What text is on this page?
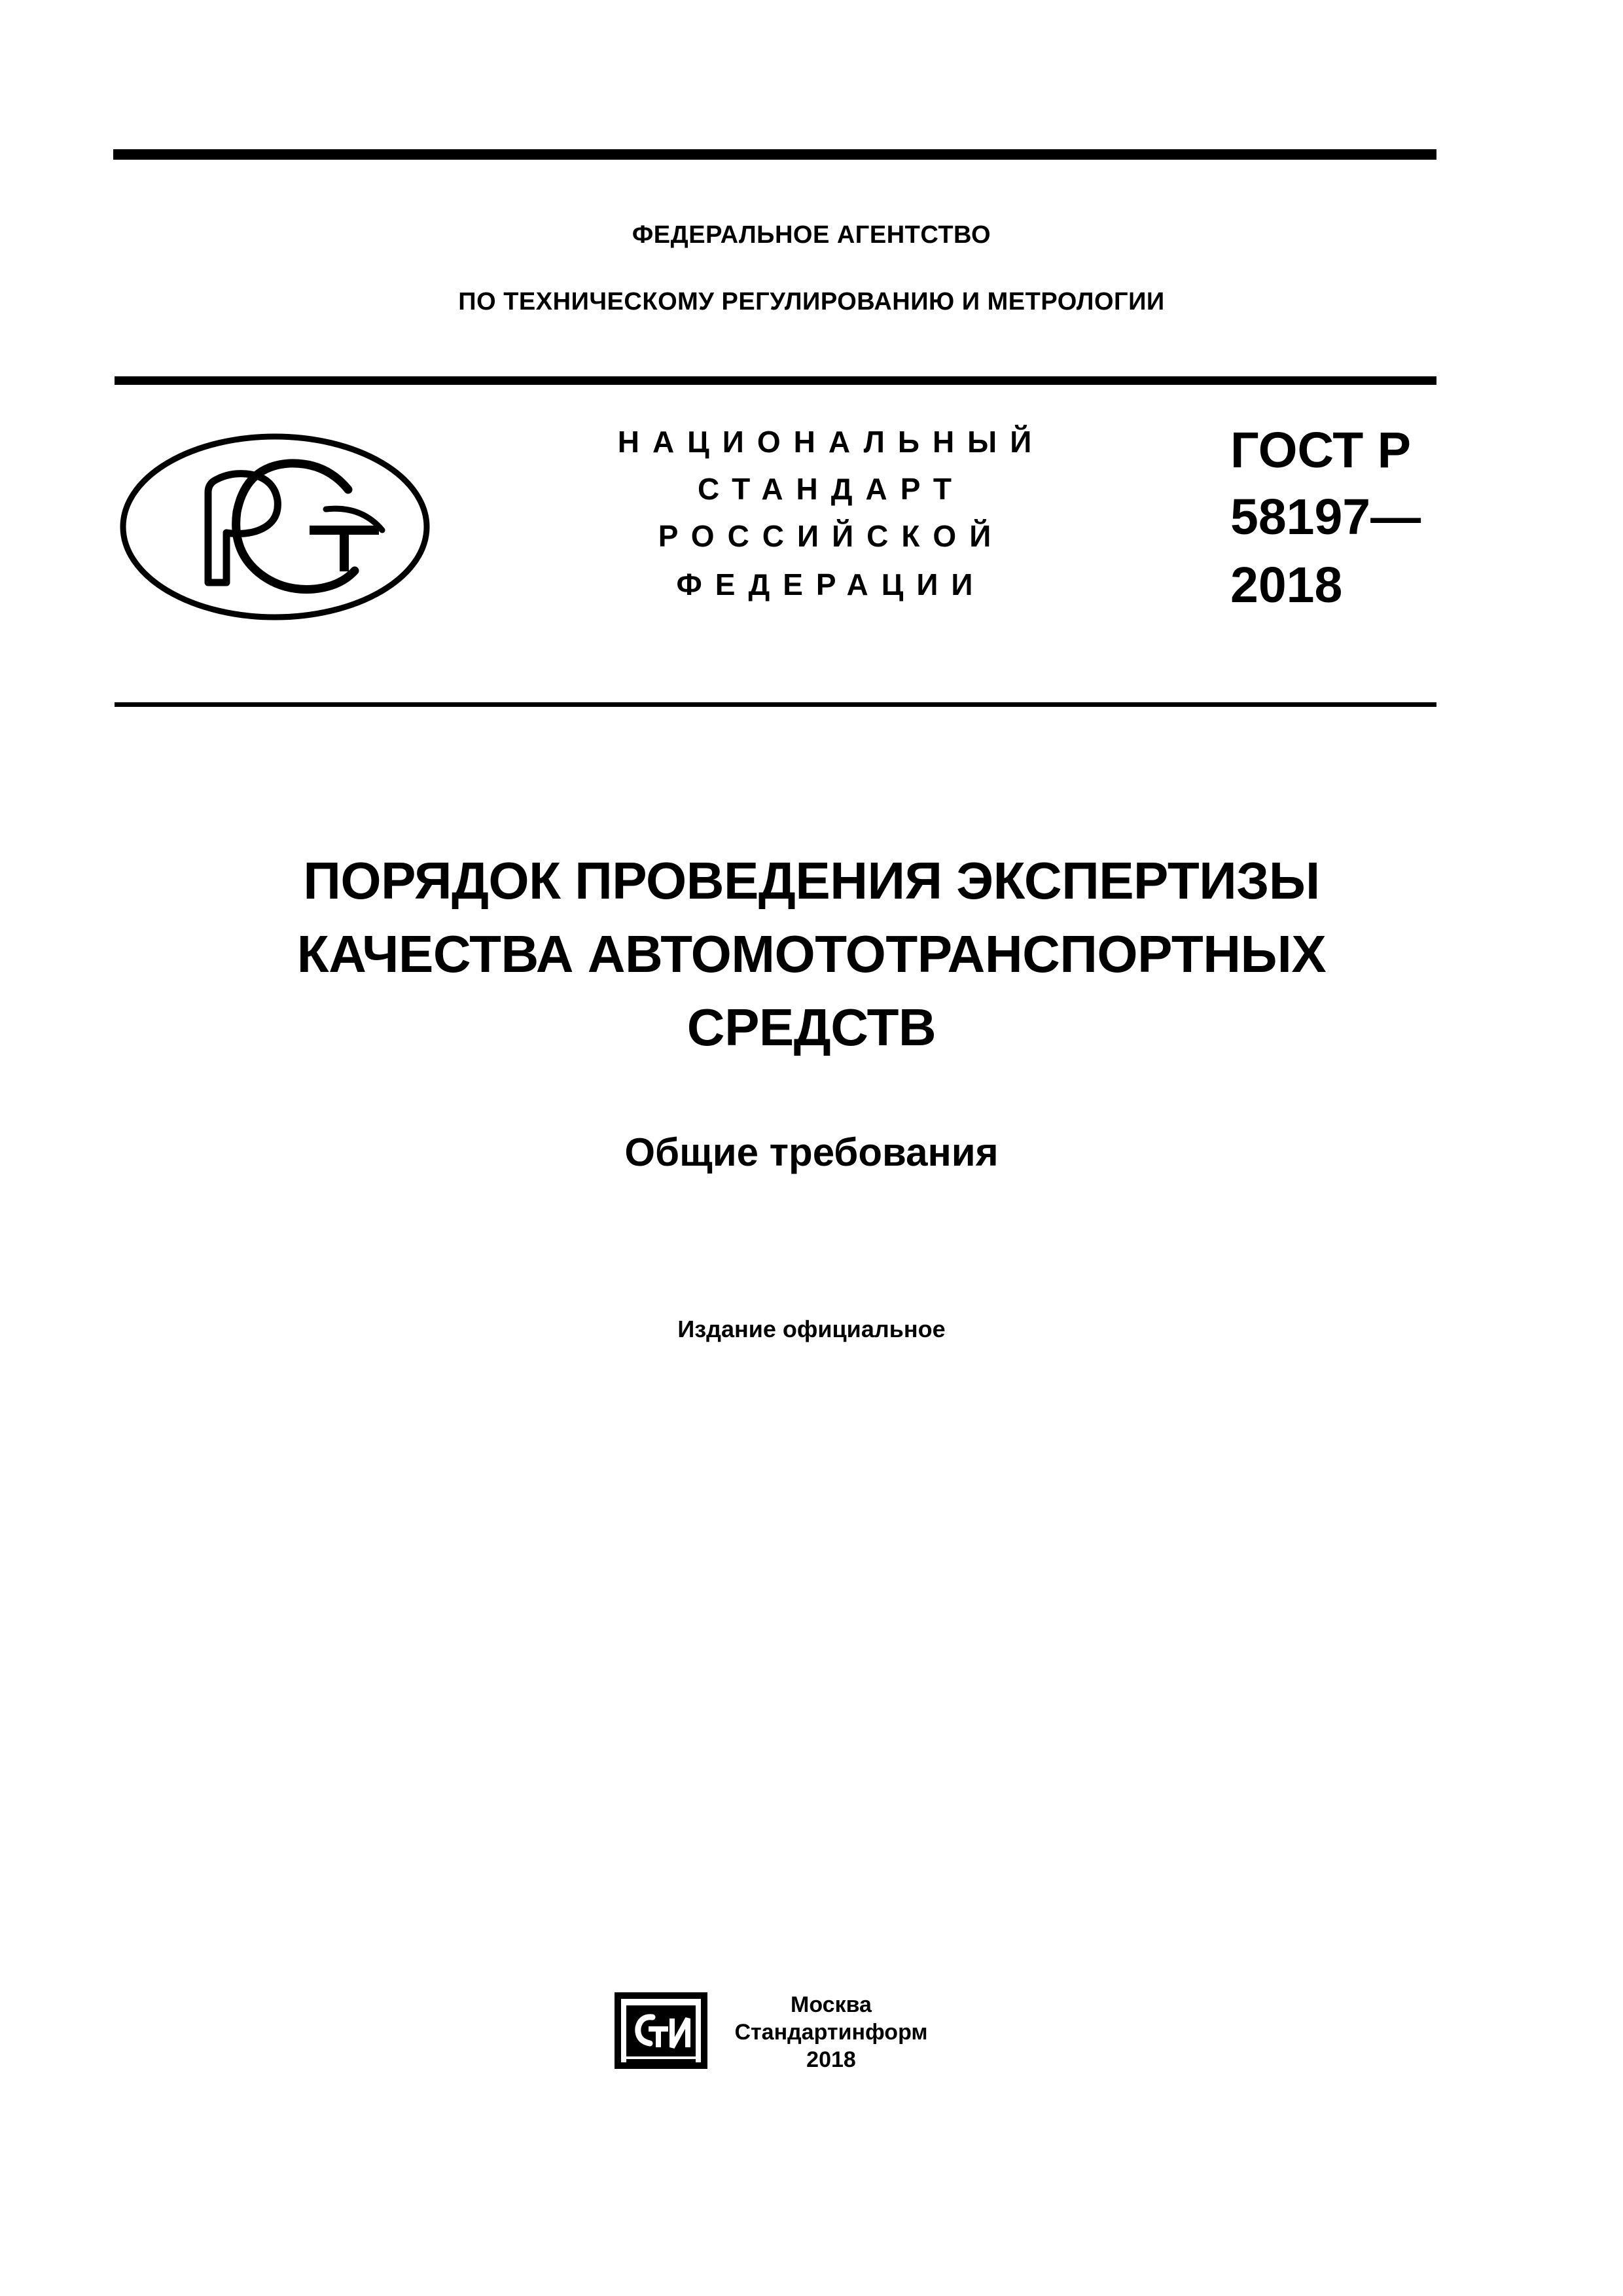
ФЕДЕРАЛЬНОЕ АГЕНТСТВО
ПО ТЕХНИЧЕСКОМУ РЕГУЛИРОВАНИЮ И МЕТРОЛОГИИ
НАЦИОНАЛЬНЫЙ
СТАНДАРТ
РОССИЙСКОЙ
ФЕДЕРАЦИИ
ГОСТ Р
58197—
2018
ПОРЯДОК ПРОВЕДЕНИЯ ЭКСПЕРТИЗЫ
КАЧЕСТВА АВТОМОТОТРАНСПОРТНЫХ
СРЕДСТВ
Общие требования
Издание официальное
Москва
Стандартинформ
2018
